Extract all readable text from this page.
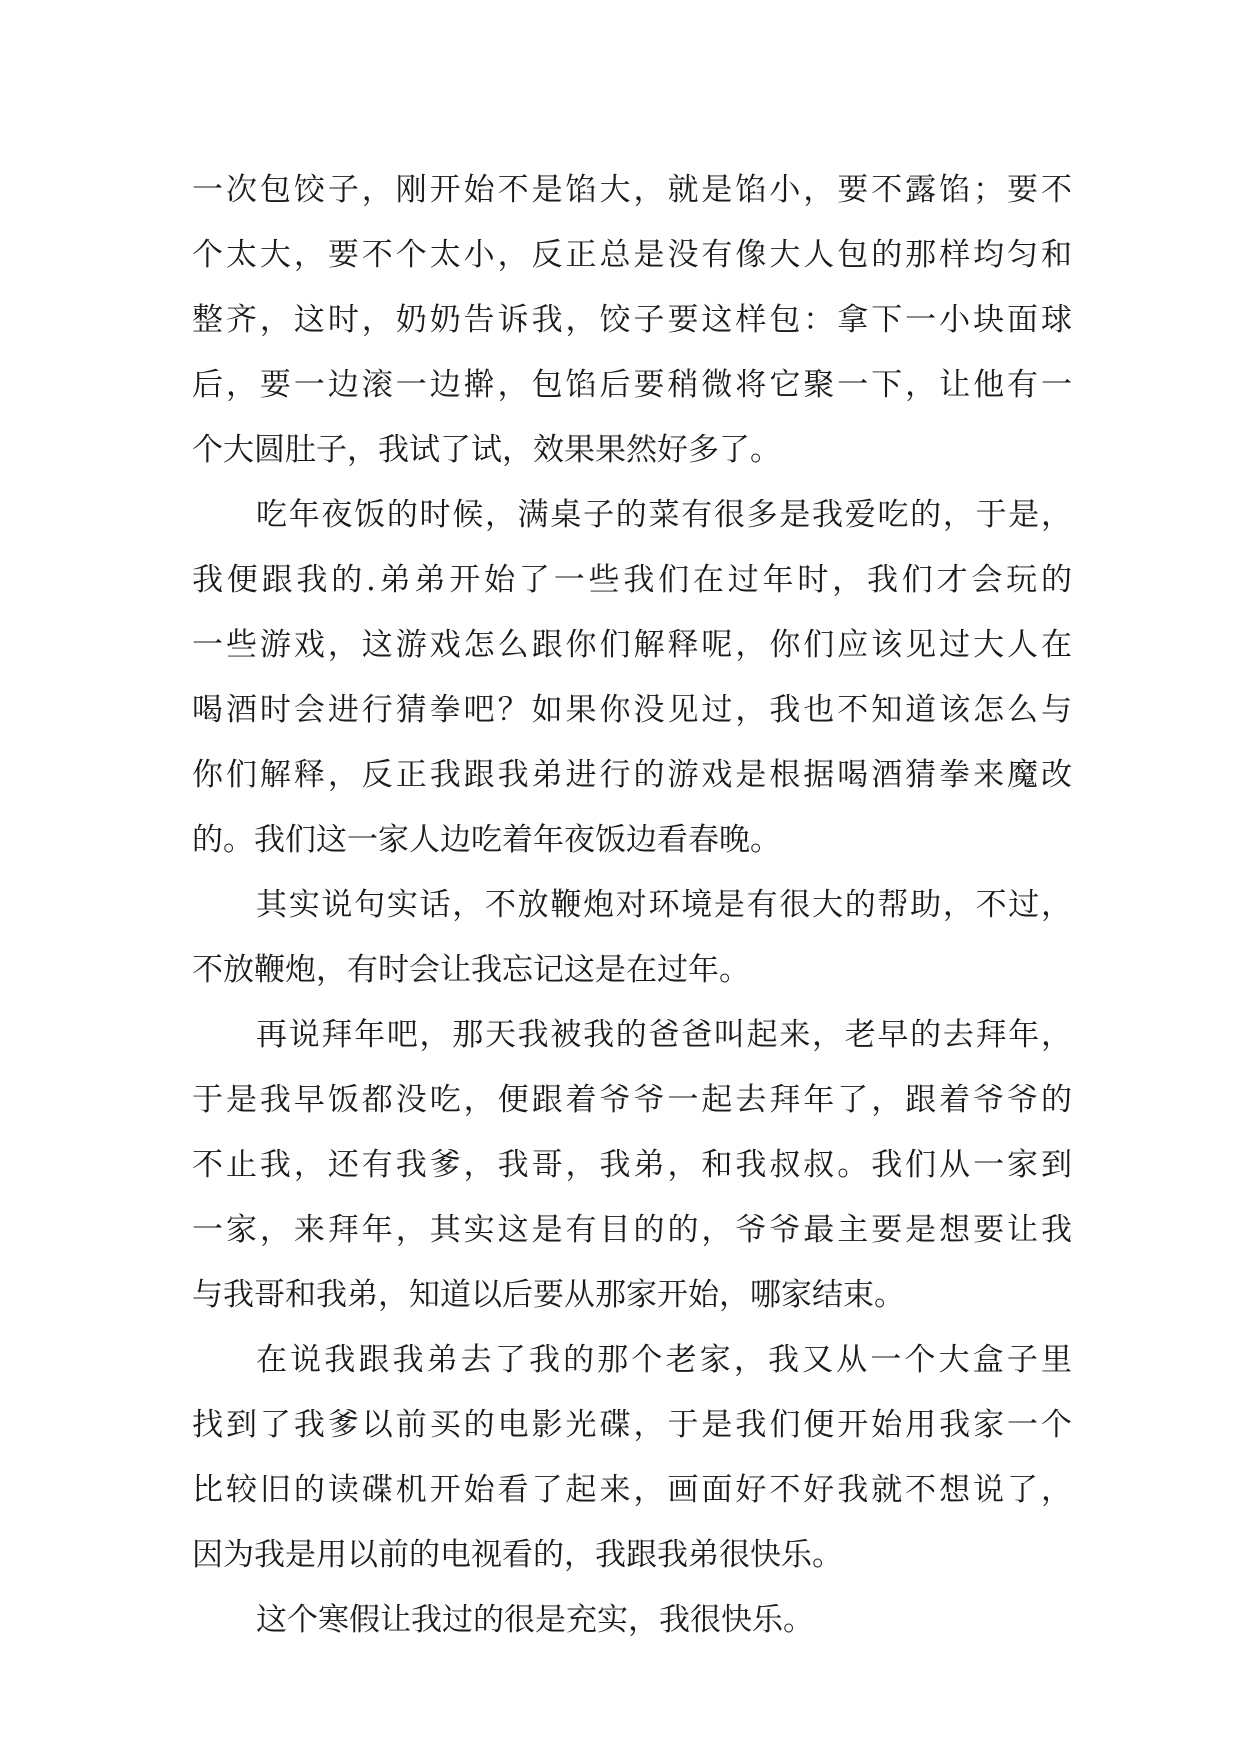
一次包饺子，刚开始不是馅大，就是馅小，要不露馅；要不
个太大，要不个太小，反正总是没有像大人包的那样均匀和
整齐，这时，奶奶告诉我，饺子要这样包：拿下一小块面球
后，要一边滚一边擀，包馅后要稍微将它聚一下，让他有一
个大圆肚子，我试了试，效果果然好多了。
吃年夜饭的时候，满桌子的菜有很多是我爱吃的，于是，
我便跟我的.弟弟开始了一些我们在过年时，我们才会玩的
一些游戏，这游戏怎么跟你们解释呢，你们应该见过大人在
喝酒时会进行猜拳吧？如果你没见过，我也不知道该怎么与
你们解释，反正我跟我弟进行的游戏是根据喝酒猜拳来魔改
的。我们这一家人边吃着年夜饭边看春晚。
其实说句实话，不放鞭炮对环境是有很大的帮助，不过，
不放鞭炮，有时会让我忘记这是在过年。
再说拜年吧，那天我被我的爸爸叫起来，老早的去拜年，
于是我早饭都没吃，便跟着爷爷一起去拜年了，跟着爷爷的
不止我，还有我爹，我哥，我弟，和我叔叔。我们从一家到
一家，来拜年，其实这是有目的的，爷爷最主要是想要让我
与我哥和我弟，知道以后要从那家开始，哪家结束。
在说我跟我弟去了我的那个老家，我又从一个大盒子里
找到了我爹以前买的电影光碟，于是我们便开始用我家一个
比较旧的读碟机开始看了起来，画面好不好我就不想说了，
因为我是用以前的电视看的，我跟我弟很快乐。
这个寒假让我过的很是充实，我很快乐。
